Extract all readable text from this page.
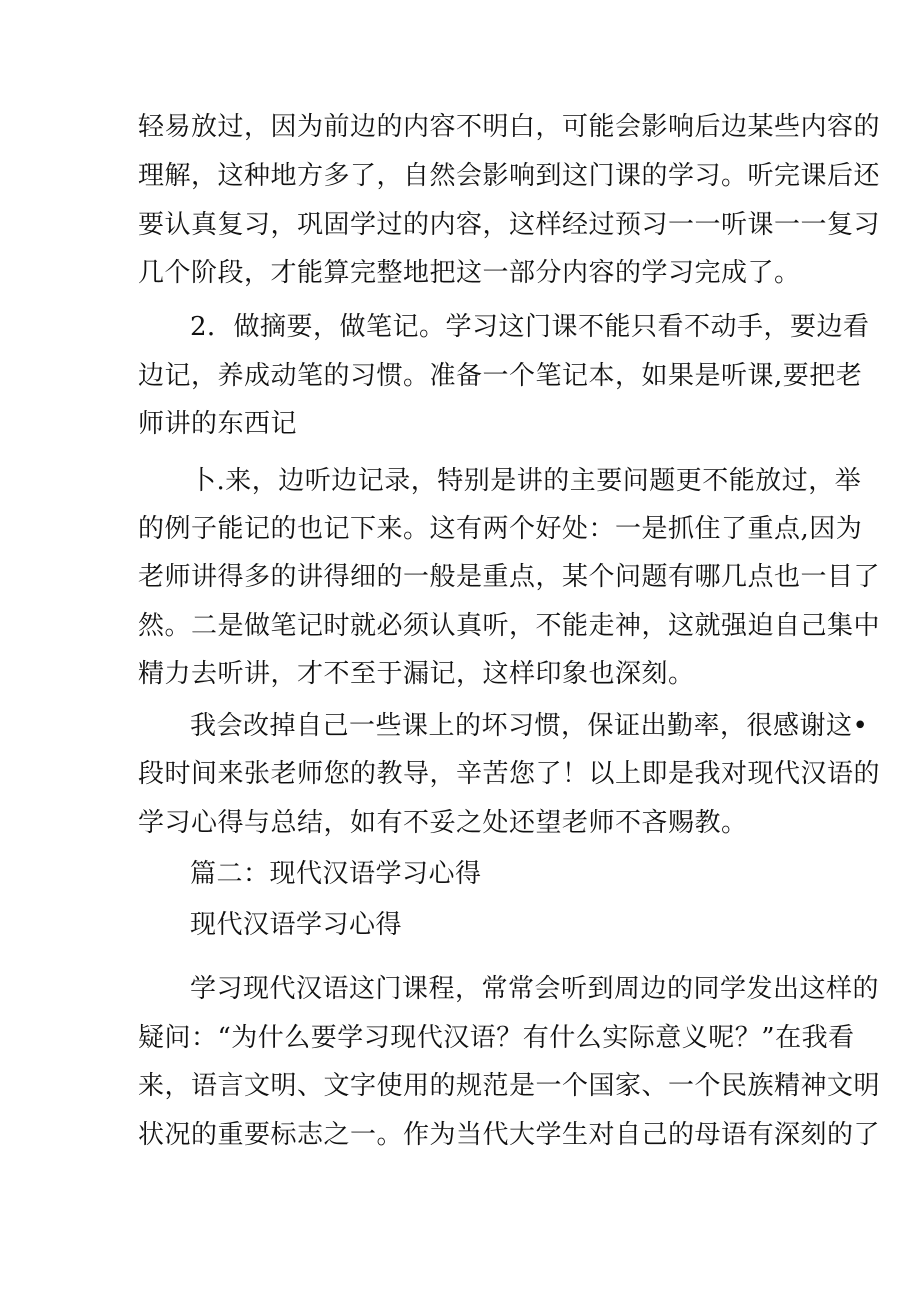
轻易放过，因为前边的内容不明白，可能会影响后边某些内容的
理解，这种地方多了，自然会影响到这门课的学习。听完课后还
要认真复习，巩固学过的内容，这样经过预习一一听课一一复习
几个阶段，才能算完整地把这一部分内容的学习完成了。
2．做摘要，做笔记。学习这门课不能只看不动手，要边看
边记，养成动笔的习惯。准备一个笔记本，如果是听课,要把老
师讲的东西记
卜.来，边听边记录，特别是讲的主要问题更不能放过，举
的例子能记的也记下来。这有两个好处：一是抓住了重点,因为
老师讲得多的讲得细的一般是重点，某个问题有哪几点也一目了
然。二是做笔记时就必须认真听，不能走神，这就强迫自己集中
精力去听讲，才不至于漏记，这样印象也深刻。
我会改掉自己一些课上的坏习惯，保证出勤率，很感谢这•
段时间来张老师您的教导，辛苦您了！以上即是我对现代汉语的
学习心得与总结，如有不妥之处还望老师不吝赐教。
篇二：现代汉语学习心得
现代汉语学习心得
学习现代汉语这门课程，常常会听到周边的同学发出这样的
疑问：“为什么要学习现代汉语？有什么实际意义呢？”在我看
来，语言文明、文字使用的规范是一个国家、一个民族精神文明
状况的重要标志之一。作为当代大学生对自己的母语有深刻的了
